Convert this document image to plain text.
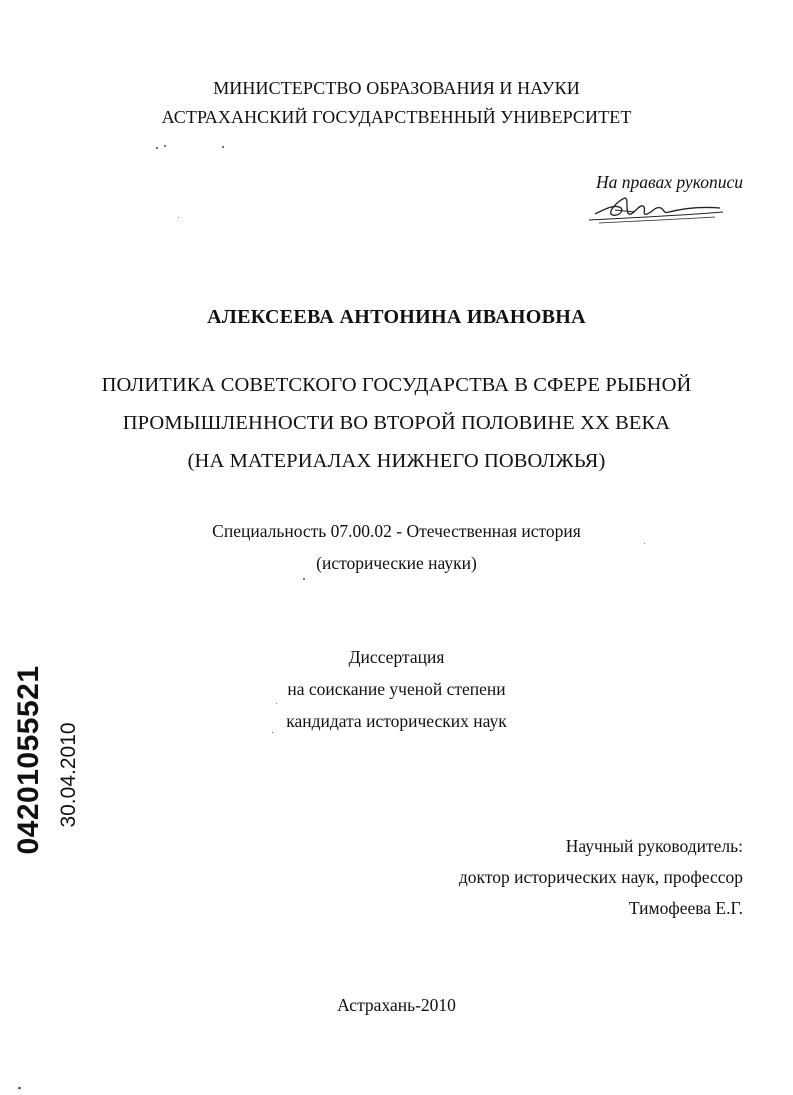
МИНИСТЕРСТВО ОБРАЗОВАНИЯ И НАУКИ
АСТРАХАНСКИЙ ГОСУДАРСТВЕННЫЙ УНИВЕРСИТЕТ
На правах рукописи
АЛЕКСЕЕВА АНТОНИНА ИВАНОВНА
ПОЛИТИКА СОВЕТСКОГО ГОСУДАРСТВА В СФЕРЕ РЫБНОЙ
ПРОМЫШЛЕННОСТИ ВО ВТОРОЙ ПОЛОВИНЕ XX ВЕКА
(НА МАТЕРИАЛАХ НИЖНЕГО ПОВОЛЖЬЯ)
Специальность 07.00.02 - Отечественная история
(исторические науки)
Диссертация
на соискание ученой степени
кандидата исторических наук
Научный руководитель:
доктор исторических наук, профессор
Тимофеева Е.Г.
Астрахань-2010
04201055521 30.04.2010
